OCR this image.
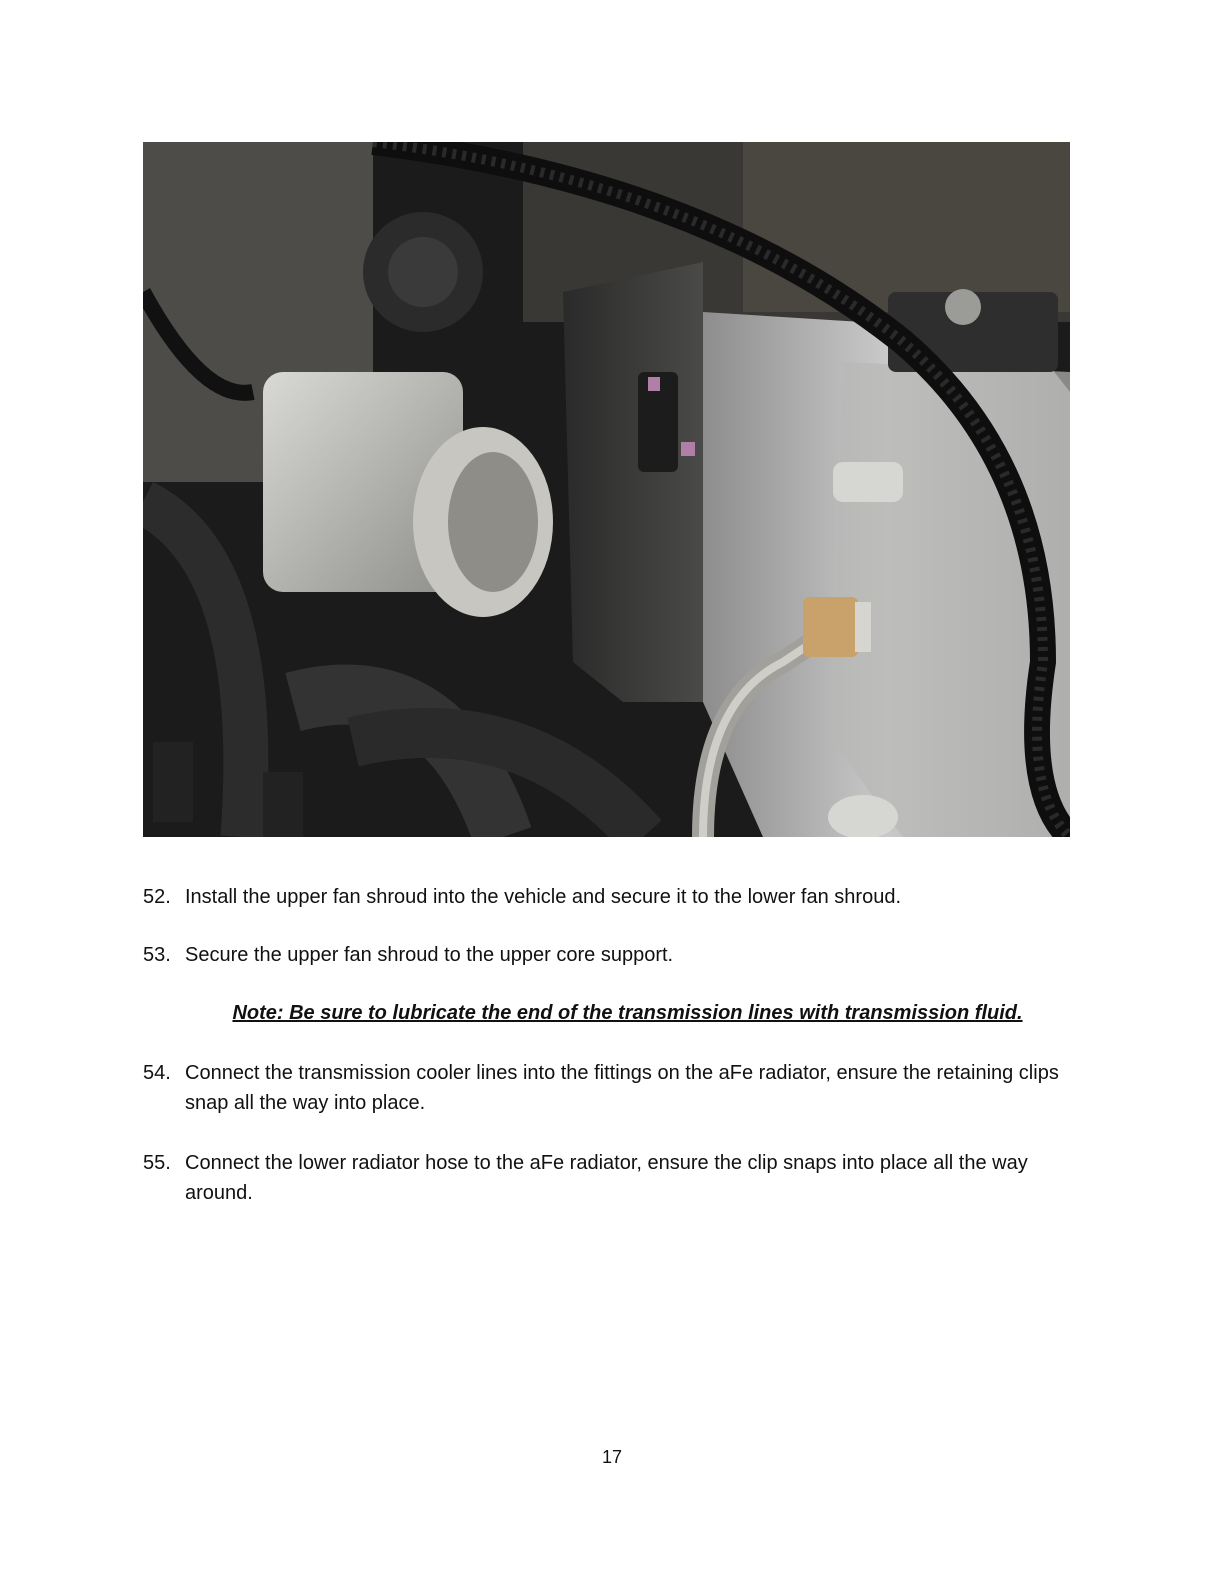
52. Install the upper fan shroud into the vehicle and secure it to the lower fan shroud.
53. Secure the upper fan shroud to the upper core support.
Note: Be sure to lubricate the end of the transmission lines with transmission fluid.
54. Connect the transmission cooler lines into the fittings on the aFe radiator, ensure the retaining clips snap all the way into place.
55. Connect the lower radiator hose to the aFe radiator, ensure the clip snaps into place all the way around.
17
